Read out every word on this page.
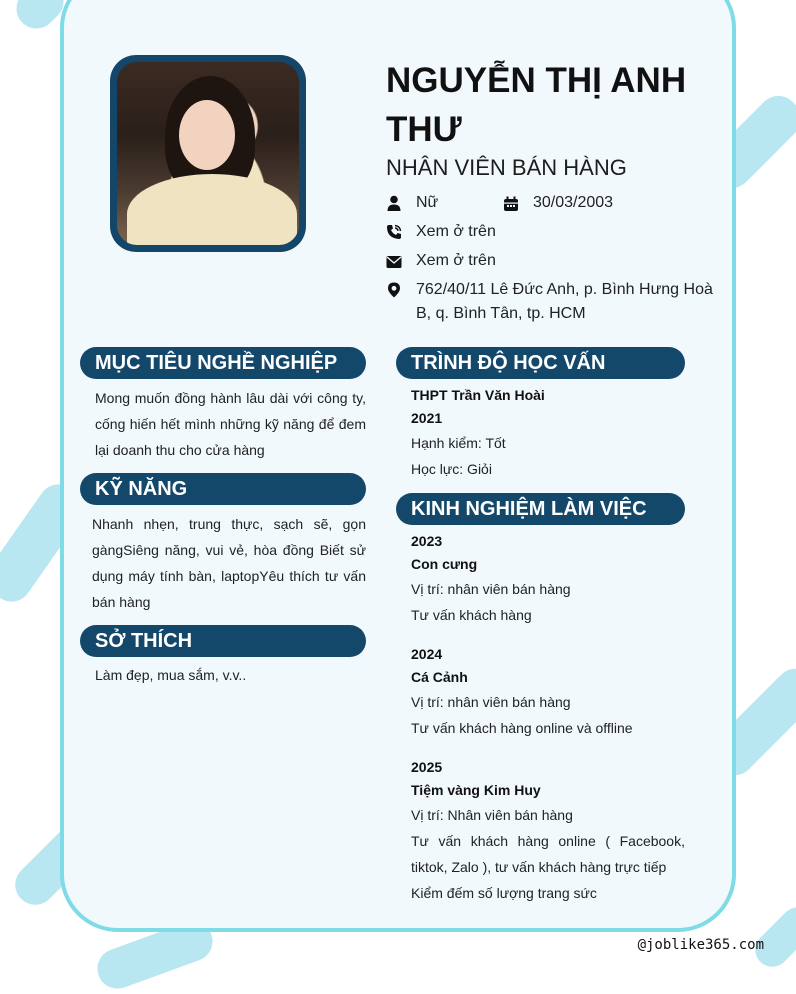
NGUYỄN THỊ ANH THƯ
NHÂN VIÊN BÁN HÀNG
Nữ	30/03/2003
Xem ở trên
Xem ở trên
762/40/11 Lê Đức Anh, p. Bình Hưng Hoà B, q. Bình Tân, tp. HCM
MỤC TIÊU NGHỀ NGHIỆP
Mong muốn đồng hành lâu dài với công ty, cống hiến hết mình những kỹ năng để đem lại doanh thu cho cửa hàng
KỸ NĂNG
Nhanh nhẹn, trung thực, sạch sẽ, gọn gàngSiêng năng, vui vẻ, hòa đồng Biết sử dụng máy tính bàn, laptopYêu thích tư vấn bán hàng
SỞ THÍCH
Làm đẹp, mua sắm, v.v..
TRÌNH ĐỘ HỌC VẤN
THPT Trần Văn Hoài
2021
Hạnh kiểm: Tốt
Học lực: Giỏi
KINH NGHIỆM LÀM VIỆC
2023
Con cưng
Vị trí: nhân viên bán hàng
Tư vấn khách hàng
2024
Cá Cảnh
Vị trí: nhân viên bán hàng
Tư vấn khách hàng online và offline
2025
Tiệm vàng Kim Huy
Vị trí: Nhân viên bán hàng
Tư vấn khách hàng online ( Facebook, tiktok, Zalo ), tư vấn khách hàng trực tiếp
Kiểm đếm số lượng trang sức
@joblike365.com
